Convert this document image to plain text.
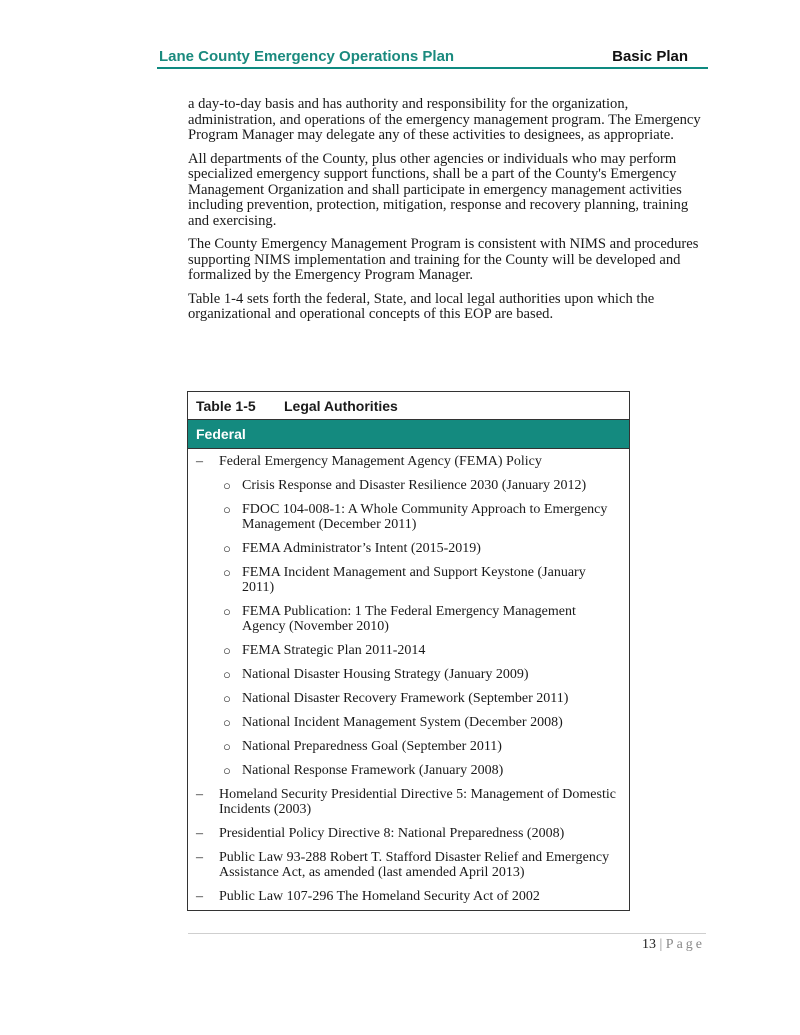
Lane County Emergency Operations Plan	Basic Plan

a day-to-day basis and has authority and responsibility for the organization, administration, and operations of the emergency management program. The Emergency Program Manager may delegate any of these activities to designees, as appropriate.

All departments of the County, plus other agencies or individuals who may perform specialized emergency support functions, shall be a part of the County's Emergency Management Organization and shall participate in emergency management activities including prevention, protection, mitigation, response and recovery planning, training and exercising.

The County Emergency Management Program is consistent with NIMS and procedures supporting NIMS implementation and training for the County will be developed and formalized by the Emergency Program Manager.

Table 1-4 sets forth the federal, State, and local legal authorities upon which the organizational and operational concepts of this EOP are based.

Table 1-5	Legal Authorities
Federal
–	Federal Emergency Management Agency (FEMA) Policy
○ Crisis Response and Disaster Resilience 2030 (January 2012)
○ FDOC 104-008-1: A Whole Community Approach to Emergency Management (December 2011)
○ FEMA Administrator’s Intent (2015-2019)
○ FEMA Incident Management and Support Keystone (January 2011)
○ FEMA Publication: 1 The Federal Emergency Management Agency (November 2010)
○ FEMA Strategic Plan 2011-2014
○ National Disaster Housing Strategy (January 2009)
○ National Disaster Recovery Framework (September 2011)
○ National Incident Management System (December 2008)
○ National Preparedness Goal (September 2011)
○ National Response Framework (January 2008)
–	Homeland Security Presidential Directive 5: Management of Domestic Incidents (2003)
–	Presidential Policy Directive 8: National Preparedness (2008)
–	Public Law 93-288 Robert T. Stafford Disaster Relief and Emergency Assistance Act, as amended (last amended April 2013)
–	Public Law 107-296 The Homeland Security Act of 2002
13 | Page
